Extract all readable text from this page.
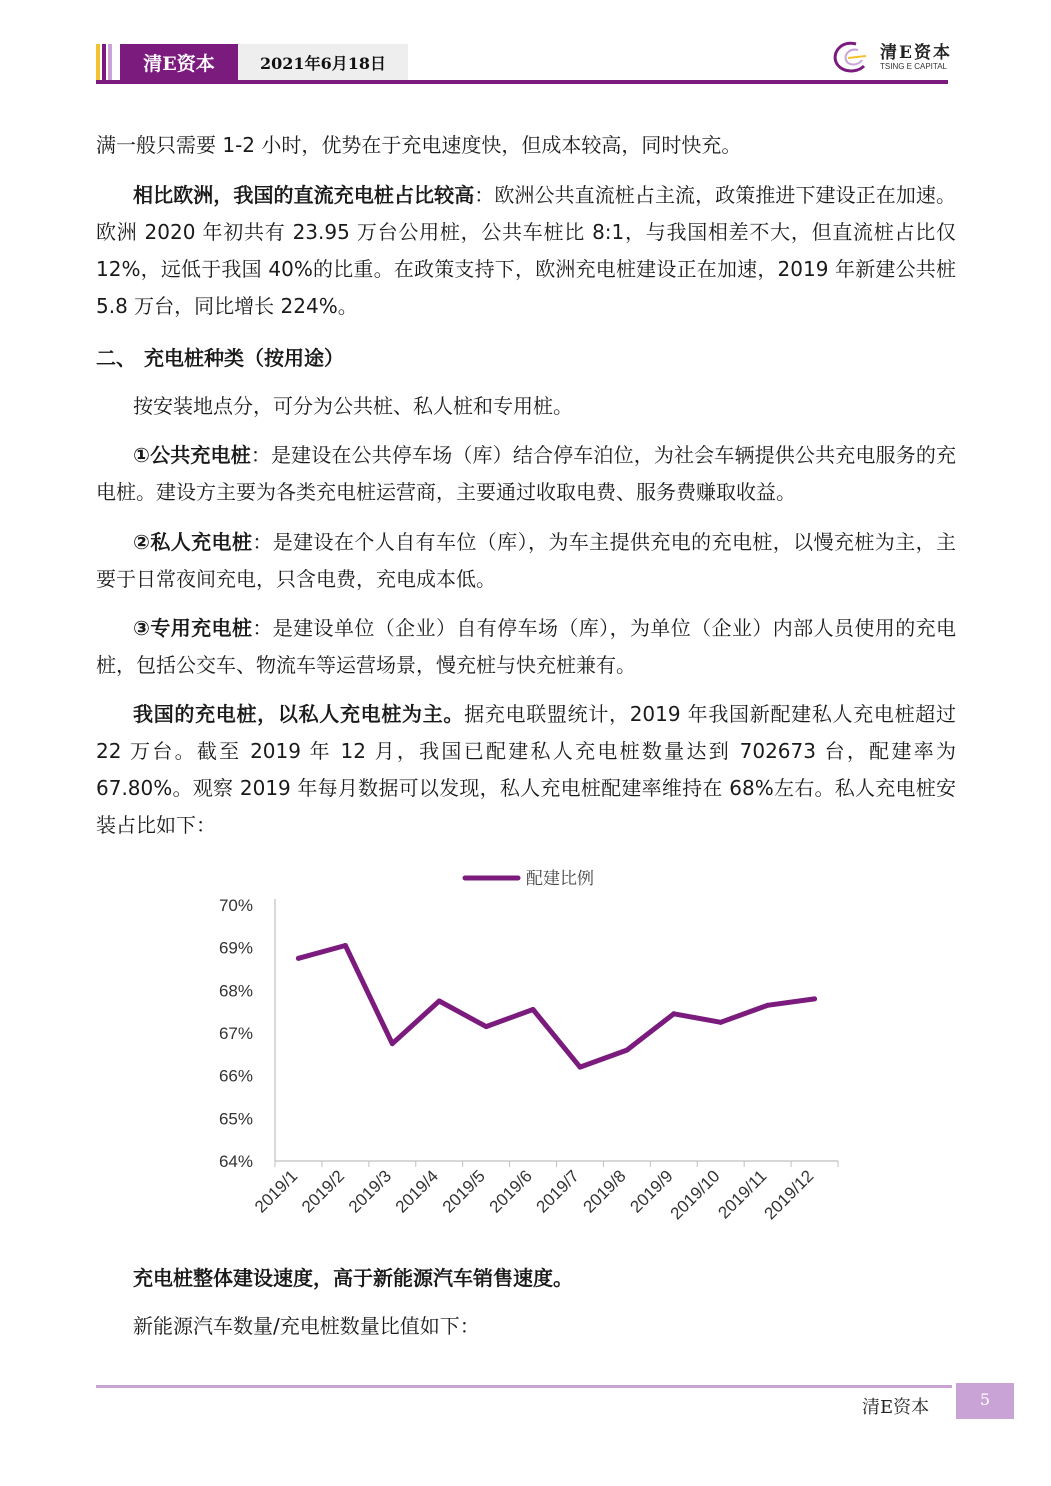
清E资本	2021年6月18日
清E资本
TSING E CAPITAL
满一般只需要 1-2 小时，优势在于充电速度快，但成本较高，同时快充。
相比欧洲，我国的直流充电桩占比较高：欧洲公共直流桩占主流，政策推进下建设正在加速。欧洲 2020 年初共有 23.95 万台公用桩，公共车桩比 8:1，与我国相差不大，但直流桩占比仅 12%，远低于我国 40%的比重。在政策支持下，欧洲充电桩建设正在加速，2019 年新建公共桩 5.8 万台，同比增长 224%。
二、 充电桩种类（按用途）
按安装地点分，可分为公共桩、私人桩和专用桩。
①公共充电桩：是建设在公共停车场（库）结合停车泊位，为社会车辆提供公共充电服务的充电桩。建设方主要为各类充电桩运营商，主要通过收取电费、服务费赚取收益。
②私人充电桩：是建设在个人自有车位（库），为车主提供充电的充电桩，以慢充桩为主，主要于日常夜间充电，只含电费，充电成本低。
③专用充电桩：是建设单位（企业）自有停车场（库），为单位（企业）内部人员使用的充电桩，包括公交车、物流车等运营场景，慢充桩与快充桩兼有。
我国的充电桩，以私人充电桩为主。据充电联盟统计，2019 年我国新配建私人充电桩超过 22 万台。截至 2019 年 12 月，我国已配建私人充电桩数量达到 702673 台，配建率为 67.80%。观察 2019 年每月数据可以发现，私人充电桩配建率维持在 68%左右。私人充电桩安装占比如下：
配建比例
70%
69%
68%
67%
66%
65%
64%
2019/1
2019/2
2019/3
2019/4
2019/5
2019/6
2019/7
2019/8
2019/9
2019/10
2019/11
2019/12
充电桩整体建设速度，高于新能源汽车销售速度。
新能源汽车数量/充电桩数量比值如下：
清E资本	5
